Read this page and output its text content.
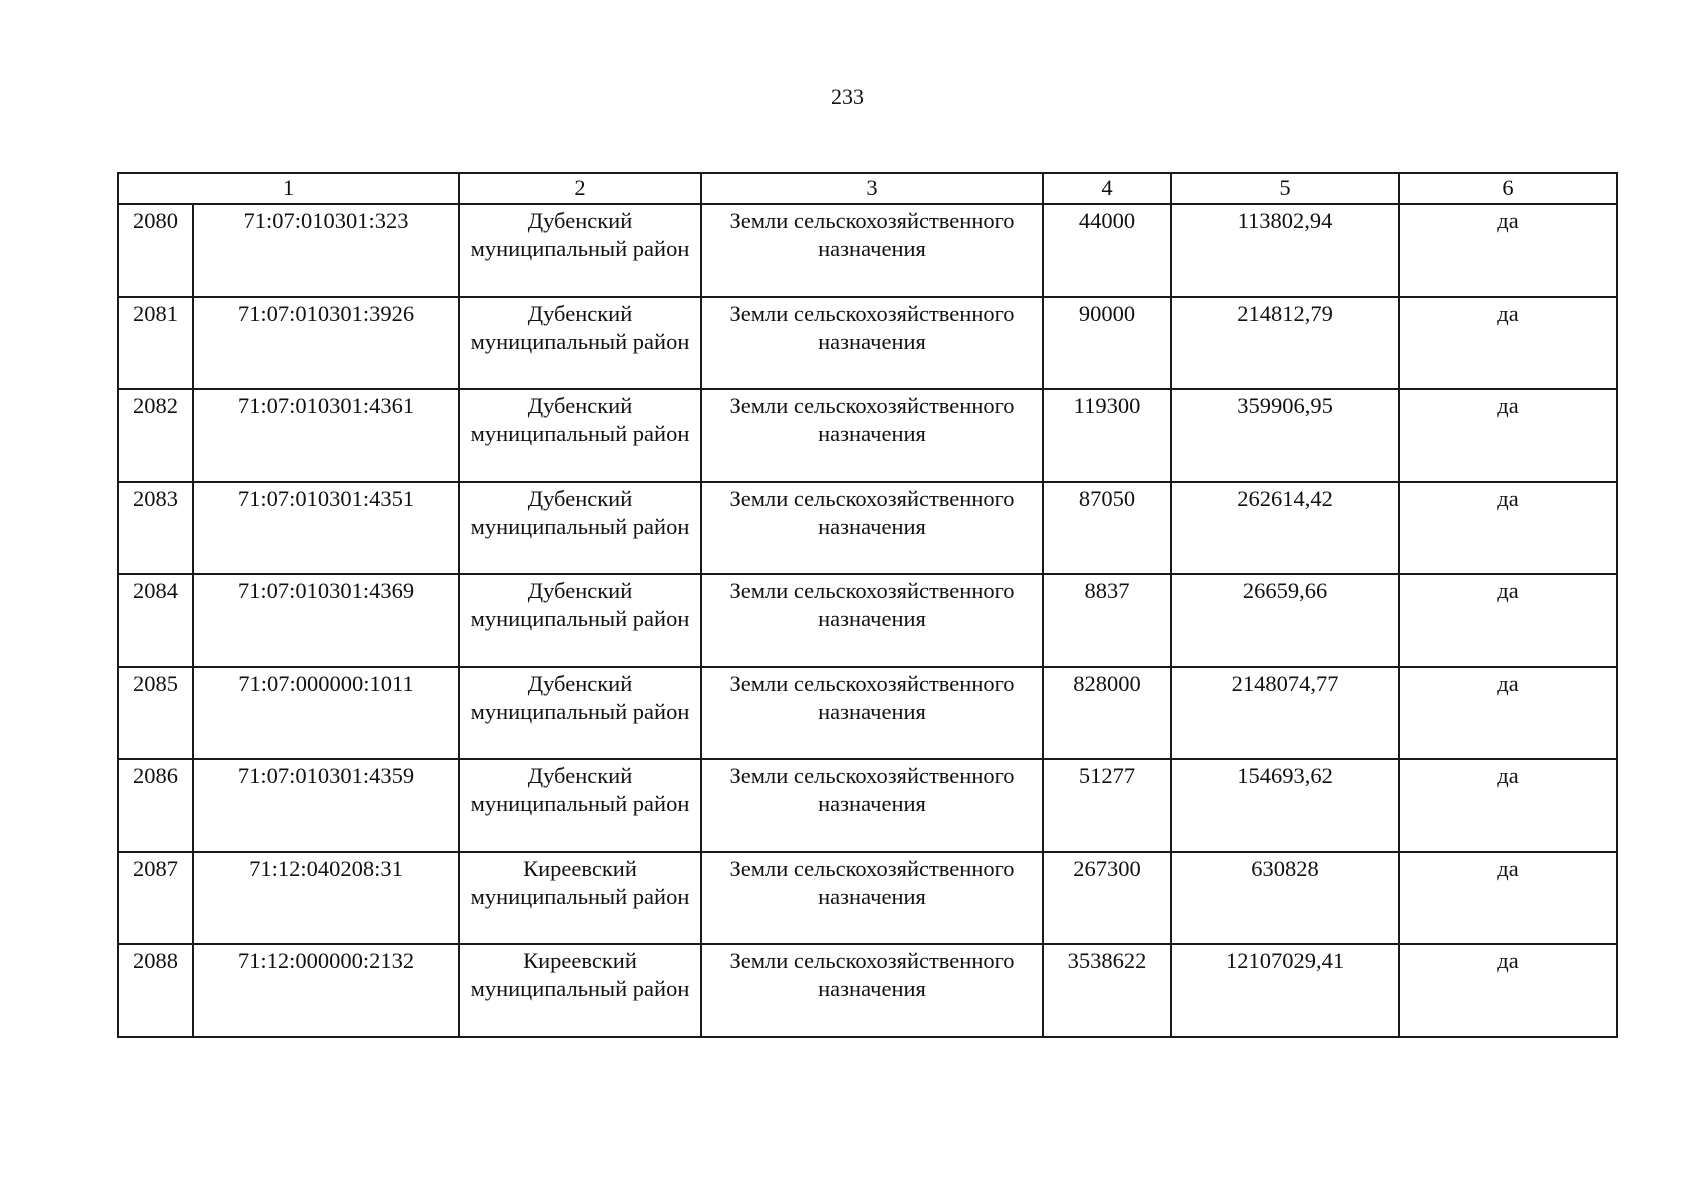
233
1		2	3	4	5	6
2080	71:07:010301:323	Дубенский муниципальный район	Земли сельскохозяйственного назначения	44000	113802,94	да
2081	71:07:010301:3926	Дубенский муниципальный район	Земли сельскохозяйственного назначения	90000	214812,79	да
2082	71:07:010301:4361	Дубенский муниципальный район	Земли сельскохозяйственного назначения	119300	359906,95	да
2083	71:07:010301:4351	Дубенский муниципальный район	Земли сельскохозяйственного назначения	87050	262614,42	да
2084	71:07:010301:4369	Дубенский муниципальный район	Земли сельскохозяйственного назначения	8837	26659,66	да
2085	71:07:000000:1011	Дубенский муниципальный район	Земли сельскохозяйственного назначения	828000	2148074,77	да
2086	71:07:010301:4359	Дубенский муниципальный район	Земли сельскохозяйственного назначения	51277	154693,62	да
2087	71:12:040208:31	Киреевский муниципальный район	Земли сельскохозяйственного назначения	267300	630828	да
2088	71:12:000000:2132	Киреевский муниципальный район	Земли сельскохозяйственного назначения	3538622	12107029,41	да
